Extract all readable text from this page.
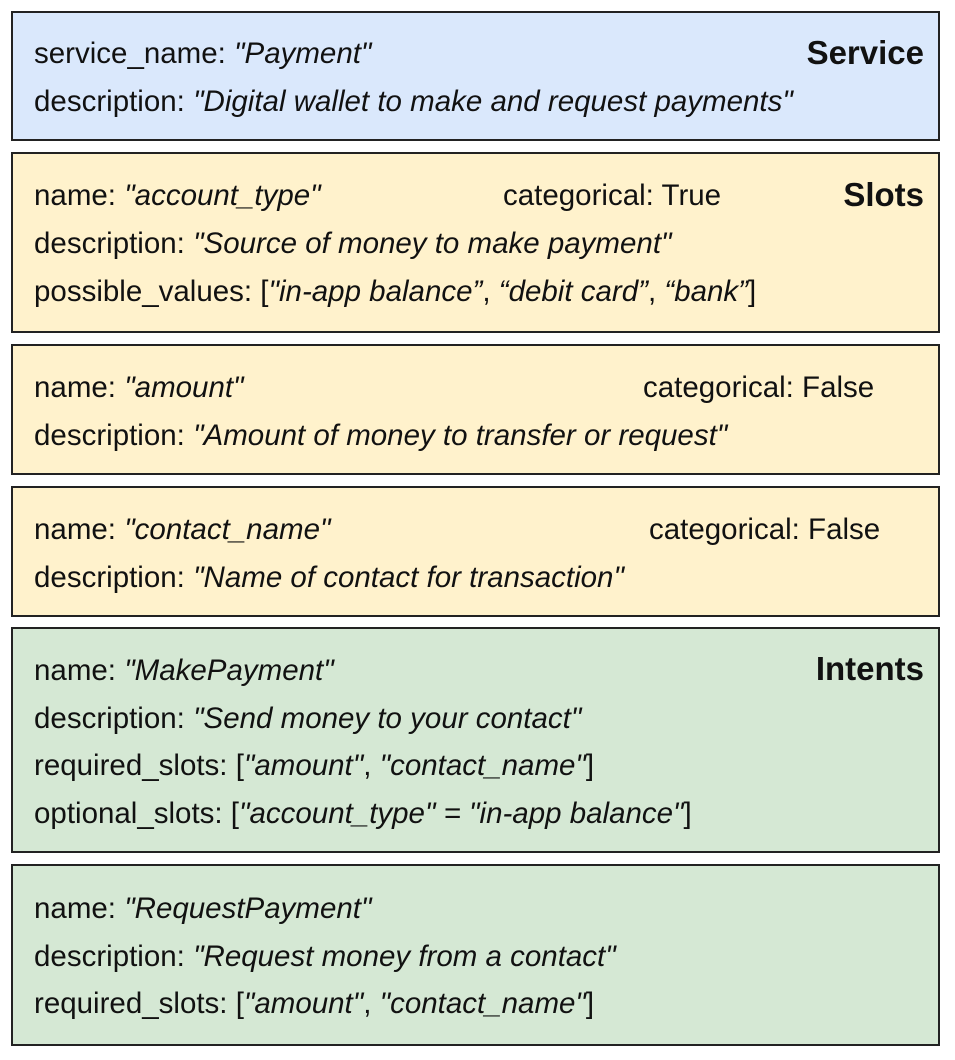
Service
service_name: "Payment"
description: "Digital wallet to make and request payments"
Slots
categorical: True
name: "account_type"
description: "Source of money to make payment"
possible_values: ["in-app balance”, “debit card”, “bank”]
categorical: False
name: "amount"
description: "Amount of money to transfer or request"
categorical: False
name: "contact_name"
description: "Name of contact for transaction"
Intents
name: "MakePayment"
description: "Send money to your contact"
required_slots: ["amount", "contact_name"]
optional_slots: ["account_type" = "in-app balance"]
name: "RequestPayment"
description: "Request money from a contact"
required_slots: ["amount", "contact_name"]
